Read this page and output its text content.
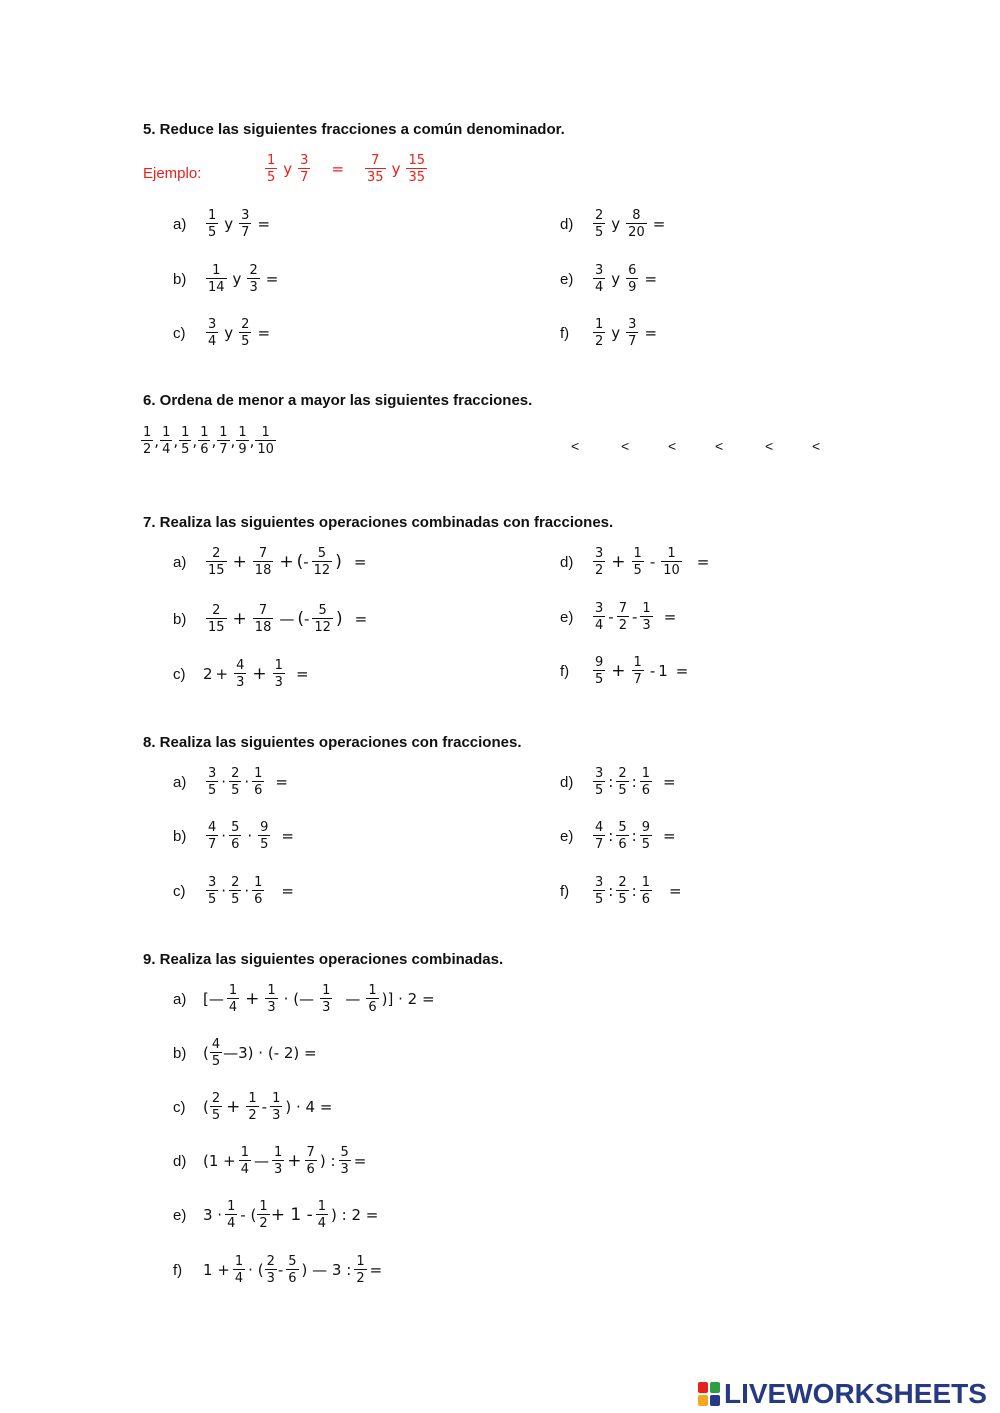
5. Reduce las siguientes fracciones a común denominador.
Ejemplo:	$\frac{1}{5}$ y $\frac{3}{7} = \frac{7}{35}$ y $\frac{15}{35}$
a)	$\frac{1}{5}$ y $\frac{3}{7}$ =
b)	$\frac{1}{14}$ y $\frac{2}{3}$ =
c)	$\frac{3}{4}$ y $\frac{2}{5}$ =
d)	$\frac{2}{5}$ y $\frac{8}{20}$ =
e)	$\frac{3}{4}$ y $\frac{6}{9}$ =
f)	$\frac{1}{2}$ y $\frac{3}{7}$ =
6. Ordena de menor a mayor las siguientes fracciones.
$\frac{1}{2}$ , $\frac{1}{4}$ , $\frac{1}{5}$ , $\frac{1}{6}$ , $\frac{1}{7}$ , $\frac{1}{9}$ , $\frac{1}{10}$	<	<	<	<	<	<
7. Realiza las siguientes operaciones combinadas con fracciones.
a)	$\frac{2}{15} + \frac{7}{18}$ + ( - $\frac{5}{12}$ ) =
b)	$\frac{2}{15} + \frac{7}{18}$ — ( - $\frac{5}{12}$ ) =
c)	$2 + \frac{4}{3} + \frac{1}{3}$ =
d)	$\frac{3}{2} + \frac{1}{5} - \frac{1}{10}$ =
e)	$\frac{3}{4} - \frac{7}{2} - \frac{1}{3}$ =
f)	$\frac{9}{5} + \frac{1}{7} - 1$ =
8. Realiza las siguientes operaciones con fracciones.
a)	$\frac{3}{5} \cdot \frac{2}{5} \cdot \frac{1}{6}$ =
b)	$\frac{4}{7} \cdot \frac{5}{6} \cdot \frac{9}{5}$ =
c)	$\frac{3}{5} \cdot \frac{2}{5} \cdot \frac{1}{6}$ =
d)	$\frac{3}{5}$ : $\frac{2}{5}$ : $\frac{1}{6}$ =
e)	$\frac{4}{7}$ : $\frac{5}{6}$ : $\frac{9}{5}$ =
f)	$\frac{3}{5}$ : $\frac{2}{5}$ : $\frac{1}{6}$ =
9. Realiza las siguientes operaciones combinadas.
a)	[— $\frac{1}{4} + \frac{1}{3}$ · (— $\frac{1}{3}$ — $\frac{1}{6}$ )] · 2 =
b)	( $\frac{4}{5}$ —3) · (- 2) =
c)	( $\frac{2}{5} + \frac{1}{2} - \frac{1}{3}$ ) · 4 =
d)	($1 + \frac{1}{4}$ — $\frac{1}{3} + \frac{7}{6}$ ) : $\frac{5}{3}$ =
e)	$3 \cdot \frac{1}{4}$ - ( $\frac{1}{2} + 1 - \frac{1}{4}$ ) : 2 =
f)	$1 + \frac{1}{4}$ · ( $\frac{2}{3} - \frac{5}{6}$ ) — 3 : $\frac{1}{2}$ =
LIVEWORKSHEETS
